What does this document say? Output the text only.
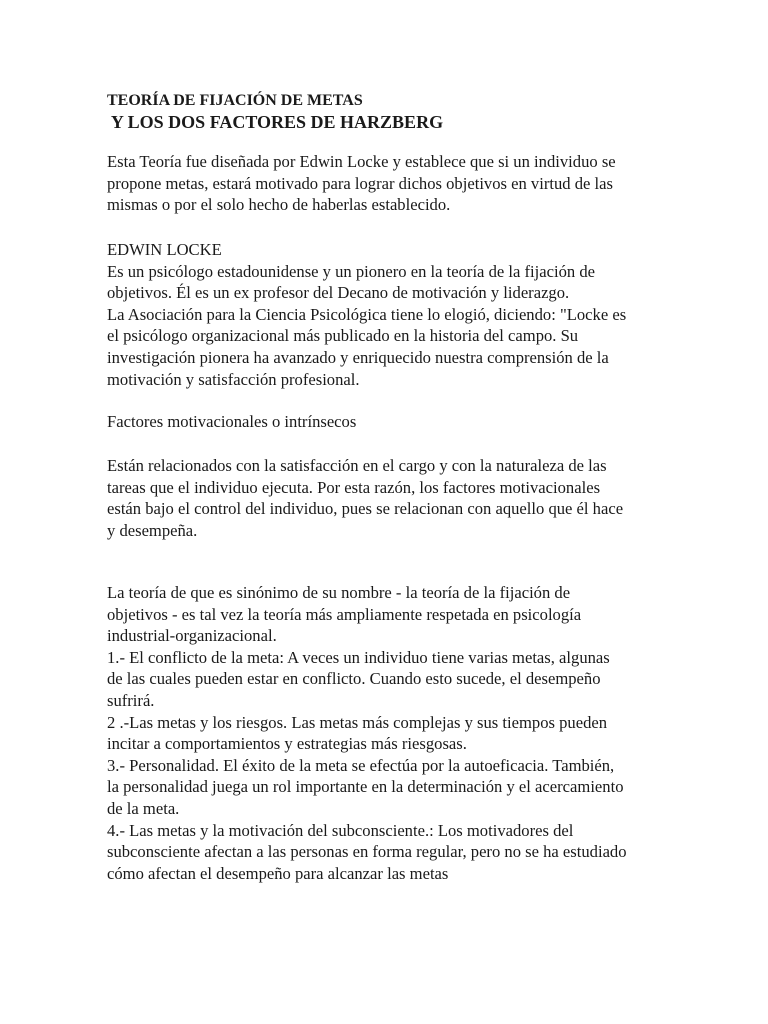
TEORÍA DE FIJACIÓN DE METAS
Y LOS DOS FACTORES DE HARZBERG
Esta Teoría fue diseñada por Edwin Locke y establece que si un individuo se
propone metas, estará motivado para lograr dichos objetivos en virtud de las
mismas o por el solo hecho de haberlas establecido.
EDWIN LOCKE
Es un psicólogo estadounidense y un pionero en la teoría de la fijación de
objetivos. Él es un ex profesor del Decano de motivación y liderazgo.
La Asociación para la Ciencia Psicológica tiene lo elogió, diciendo: "Locke es
el psicólogo organizacional más publicado en la historia del campo. Su
investigación pionera ha avanzado y enriquecido nuestra comprensión de la
motivación y satisfacción profesional.
Factores motivacionales o intrínsecos
Están relacionados con la satisfacción en el cargo y con la naturaleza de las
tareas que el individuo ejecuta. Por esta razón, los factores motivacionales
están bajo el control del individuo, pues se relacionan con aquello que él hace
y desempeña.
La teoría de que es sinónimo de su nombre - la teoría de la fijación de
objetivos - es tal vez la teoría más ampliamente respetada en psicología
industrial-organizacional.
1.- El conflicto de la meta: A veces un individuo tiene varias metas, algunas
de las cuales pueden estar en conflicto. Cuando esto sucede, el desempeño
sufrirá.
2 .-Las metas y los riesgos. Las metas más complejas y sus tiempos pueden
incitar a comportamientos y estrategias más riesgosas.
3.- Personalidad. El éxito de la meta se efectúa por la autoeficacia. También,
la personalidad juega un rol importante en la determinación y el acercamiento
de la meta.
4.- Las metas y la motivación del subconsciente.: Los motivadores del
subconsciente afectan a las personas en forma regular, pero no se ha estudiado
cómo afectan el desempeño para alcanzar las metas
